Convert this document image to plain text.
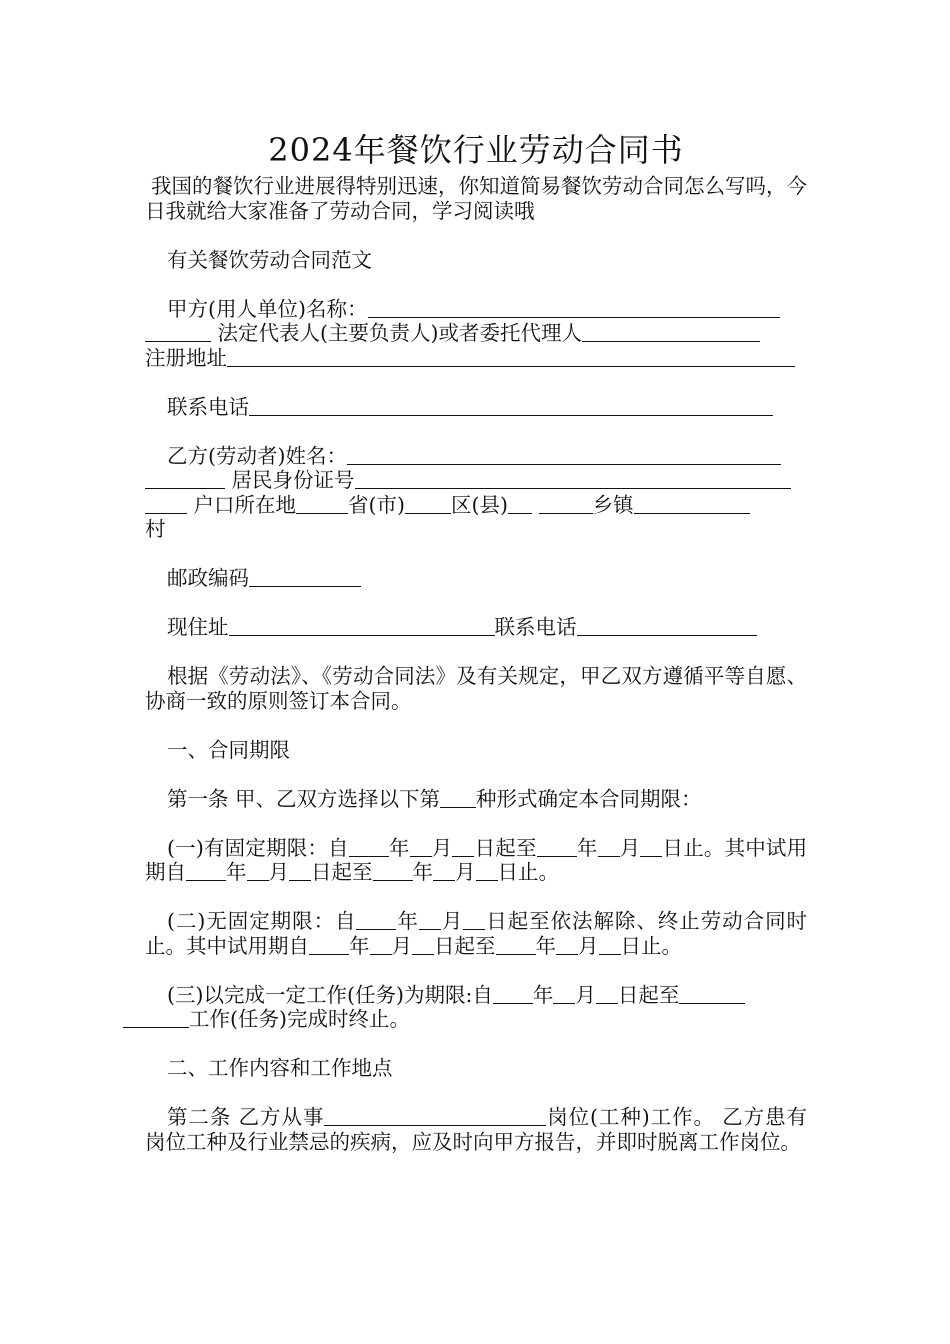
2024年餐饮行业劳动合同书

我国的餐饮行业进展得特别迅速，你知道简易餐饮劳动合同怎么写吗，今日我就给大家准备了劳动合同，学习阅读哦

有关餐饮劳动合同范文

甲方(用人单位)名称：
法定代表人(主要负责人)或者委托代理人
注册地址
联系电话
乙方(劳动者)姓名：
居民身份证号
户口所在地	省(市) 区(县)	乡镇
村
邮政编码
现住址	联系电话

根据《劳动法》、《劳动合同法》及有关规定，甲乙双方遵循平等自愿、协商一致的原则签订本合同。

一、合同期限

第一条 甲、乙双方选择以下第 种形式确定本合同期限：

(一)有固定期限：自 年 月 日起至 年 月 日止。其中试用期自 年 月 日起至 年 月 日止。

(二)无固定期限：自 年 月 日起至依法解除、终止劳动合同时止。其中试用期自 年 月 日起至 年 月 日止。

(三)以完成一定工作(任务)为期限:自 年 月 日起至
工作(任务)完成时终止。

二、工作内容和工作地点

第二条 乙方从事	岗位(工种)工作。 乙方患有岗位工种及行业禁忌的疾病，应及时向甲方报告，并即时脱离工作岗位。
